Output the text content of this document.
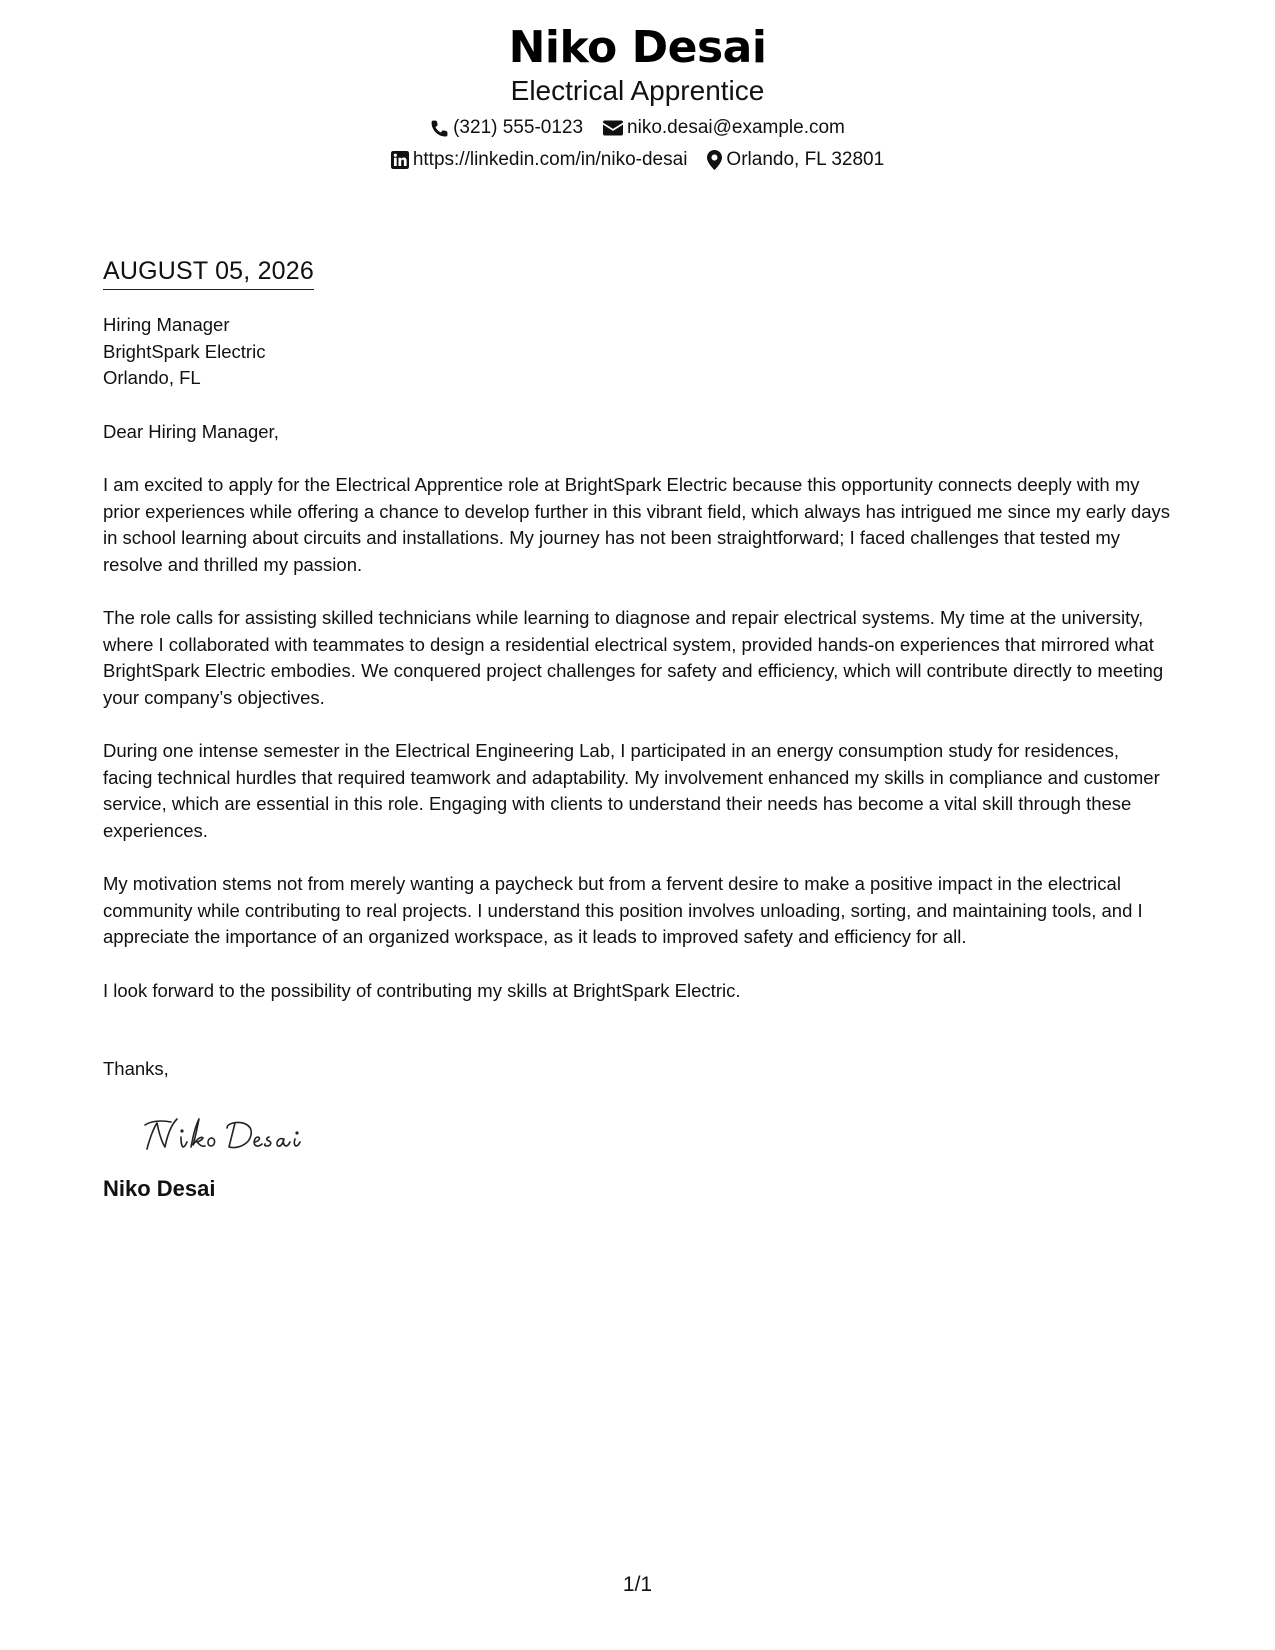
Niko Desai
Electrical Apprentice
(321) 555-0123 niko.desai@example.com
https://linkedin.com/in/niko-desai Orlando, FL 32801
AUGUST 05, 2026
Hiring Manager
BrightSpark Electric
Orlando, FL
Dear Hiring Manager,
I am excited to apply for the Electrical Apprentice role at BrightSpark Electric because this opportunity connects deeply with my prior experiences while offering a chance to develop further in this vibrant field, which always has intrigued me since my early days in school learning about circuits and installations. My journey has not been straightforward; I faced challenges that tested my resolve and thrilled my passion.
The role calls for assisting skilled technicians while learning to diagnose and repair electrical systems. My time at the university, where I collaborated with teammates to design a residential electrical system, provided hands-on experiences that mirrored what BrightSpark Electric embodies. We conquered project challenges for safety and efficiency, which will contribute directly to meeting your company’s objectives.
During one intense semester in the Electrical Engineering Lab, I participated in an energy consumption study for residences, facing technical hurdles that required teamwork and adaptability. My involvement enhanced my skills in compliance and customer service, which are essential in this role. Engaging with clients to understand their needs has become a vital skill through these experiences.
My motivation stems not from merely wanting a paycheck but from a fervent desire to make a positive impact in the electrical community while contributing to real projects. I understand this position involves unloading, sorting, and maintaining tools, and I appreciate the importance of an organized workspace, as it leads to improved safety and efficiency for all.
I look forward to the possibility of contributing my skills at BrightSpark Electric.
Thanks,
Niko Desai
1/1
